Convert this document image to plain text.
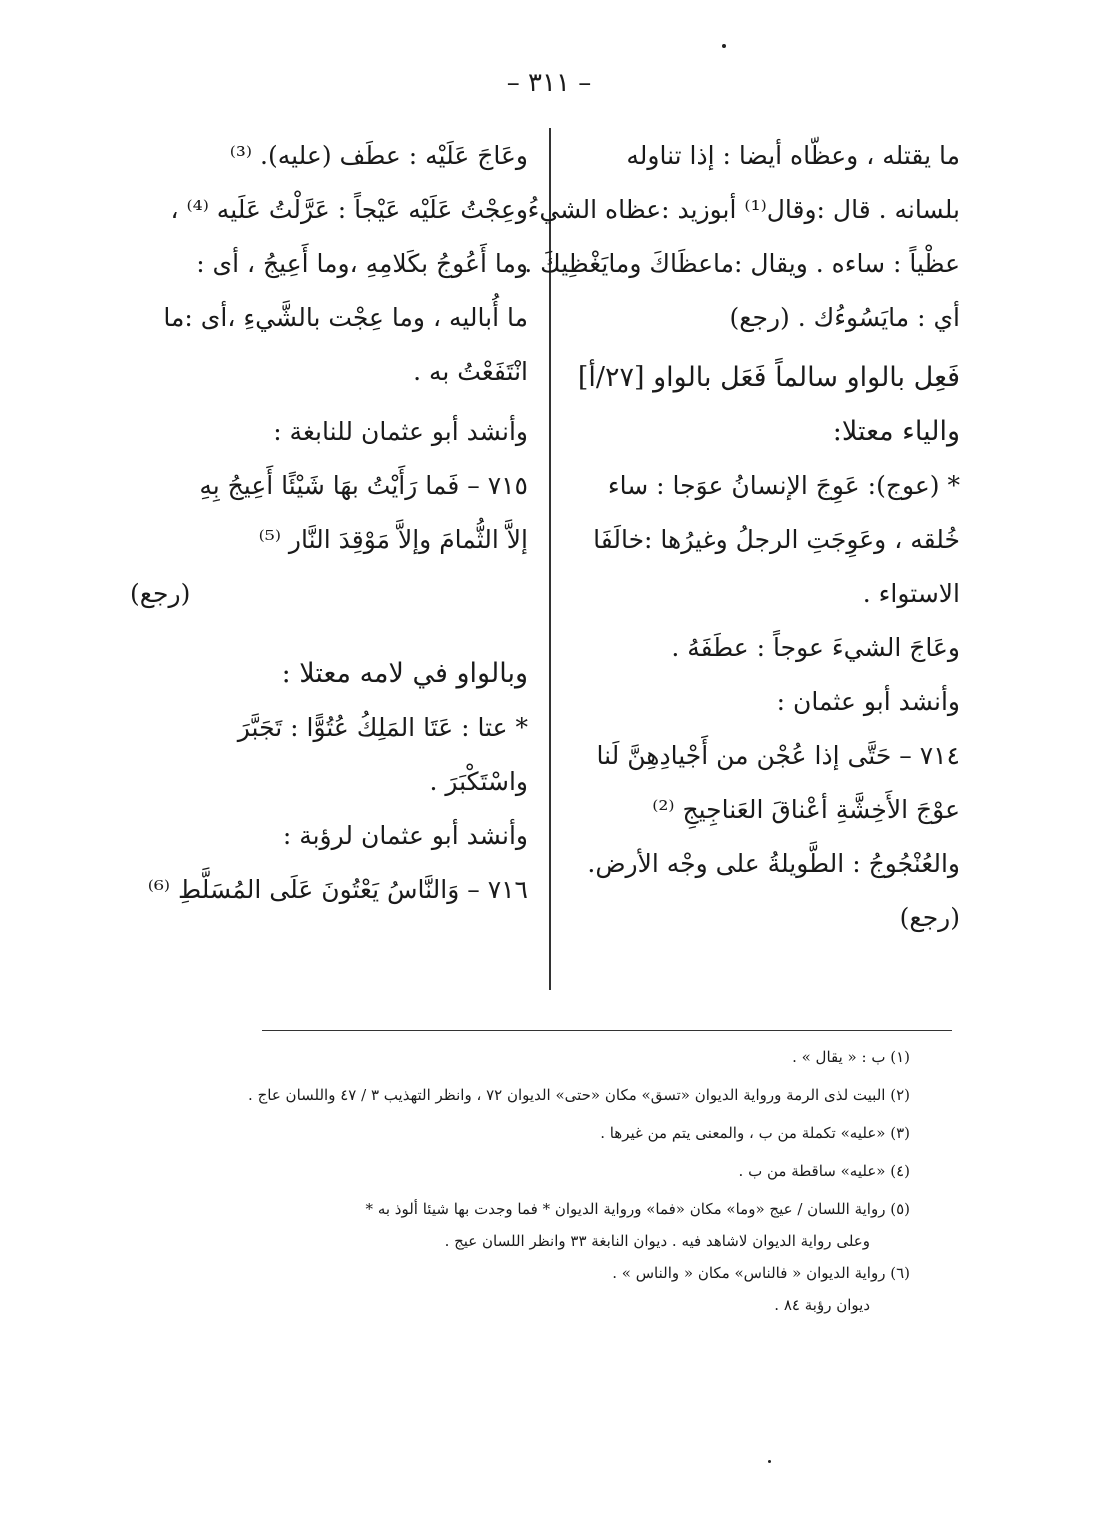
– ٣١١ –
ما يقتله ، وعظّاه أيضا : إذا تناوله
بلسانه . قال :وقال⁽¹⁾ أبوزيد :عظاه الشيءُ
عظْياً : ساءه . ويقال :ماعظَاكَ ومايَغْظِيكَ .
أي : مايَسُوءُك . (رجع)
فَعِل بالواو سالماً فَعَل بالواو [٢٧/أ]
والياء معتلا:
* (عوج): عَوِجَ الإنسانُ عوَجا : ساء
خُلقه ، وعَوِجَتِ الرجلُ وغيرُها :خالَفَا
الاستواء .
وعَاجَ الشيءَ عوجاً : عطَفَهُ .
وأنشد أبو عثمان :
٧١٤ – حَتَّى إذا عُجْن من أَجْيادِهِنَّ لَنا
عوْجَ الأَخِشَّةِ أعْناقَ العَناجِيجِ ⁽²⁾
والعُنْجُوجُ : الطَّويلةُ على وجْه الأرض.
(رجع)
وعَاجَ عَلَيْه : عطَف (عليه). ⁽³⁾
وعِجْتُ عَلَيْه عَيْجاً : عَرَّلْتُ عَلَيه ⁽⁴⁾ ،
وما أَعُوجُ بكَلامِهِ ،وما أَعِيجُ ، أى :
ما أُباليه ، وما عِجْت بالشَّيءِ ،أى :ما
انْتَفَعْتُ به .
وأنشد أبو عثمان للنابغة :
٧١٥ – فَما رَأَيْتُ بهَا شَيْئًا أَعِيجُ بِهِ
إلاَّ الثُّمامَ وإلاَّ مَوْقِدَ النَّار ⁽⁵⁾
(رجع)
وبالواو في لامه معتلا :
* عتا : عَتَا المَلِكُ عُتُوًّا : تَجَبَّرَ
واسْتَكْبَرَ .
وأنشد أبو عثمان لرؤبة :
٧١٦ – وَالنَّاسُ يَعْتُونَ عَلَى المُسَلَّطِ ⁽⁶⁾
(١) ب : « يقال » .
(٢) البيت لذى الرمة ورواية الديوان «تسق» مكان «حتى» الديوان ٧٢ ، وانظر التهذيب ٣ / ٤٧ واللسان عاج .
(٣) «عليه» تكملة من ب ، والمعنى يتم من غيرها .
(٤) «عليه» ساقطة من ب .
(٥) رواية اللسان / عيج «وما» مكان «فما» ورواية الديوان * فما وجدت بها شيئا ألوذ به *
وعلى رواية الديوان لاشاهد فيه . ديوان النابغة ٣٣ وانظر اللسان عيج .
(٦) رواية الديوان « فالناس» مكان « والناس » .
ديوان رؤبة ٨٤ .
